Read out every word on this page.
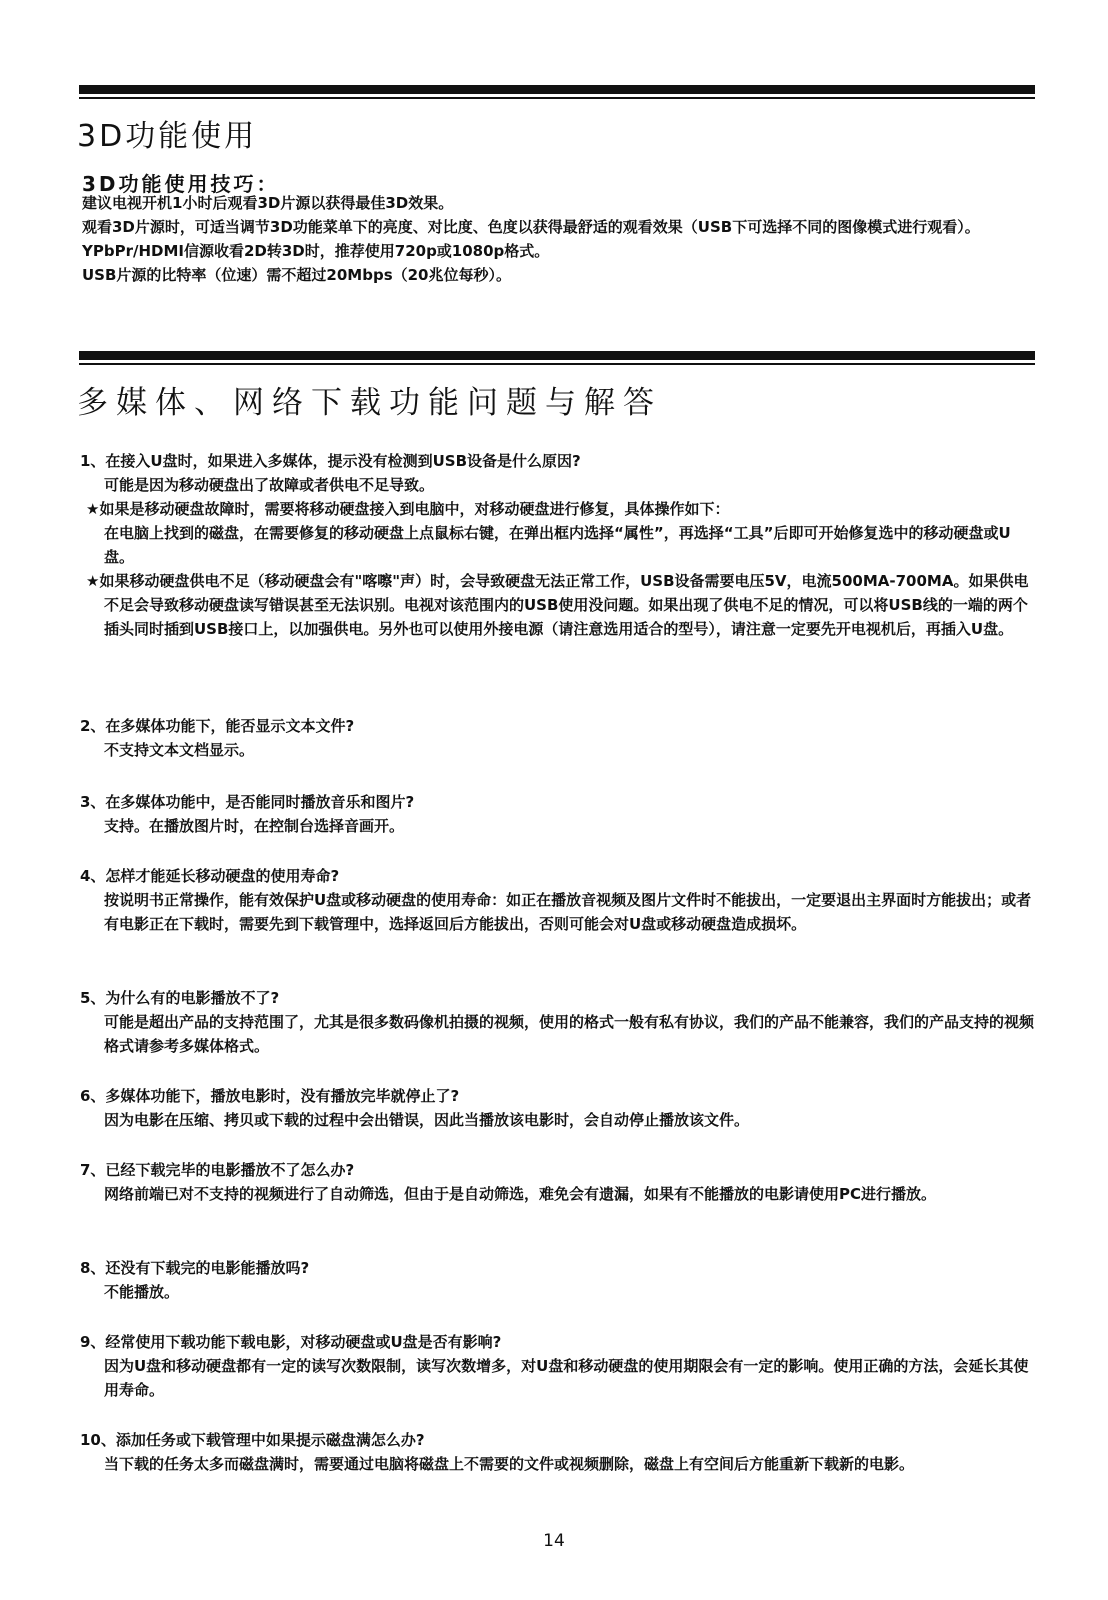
3D功能使用
3D功能使用技巧：

建议电视开机1小时后观看3D片源以获得最佳3D效果。

观看3D片源时，可适当调节3D功能菜单下的亮度、对比度、色度以获得最舒适的观看效果（USB下可选择不同的图像模式进行观看）。

YPbPr/HDMI信源收看2D转3D时，推荐使用720p或1080p格式。

USB片源的比特率（位速）需不超过20Mbps（20兆位每秒）。

多媒体、网络下载功能问题与解答

1、在接入U盘时，如果进入多媒体，提示没有检测到USB设备是什么原因?

可能是因为移动硬盘出了故障或者供电不足导致。

★如果是移动硬盘故障时，需要将移动硬盘接入到电脑中，对移动硬盘进行修复，具体操作如下：

在电脑上找到的磁盘，在需要修复的移动硬盘上点鼠标右键，在弹出框内选择“属性”，再选择“工具”后即可开始修复选中的移动硬盘或U盘。

★如果移动硬盘供电不足（移动硬盘会有"喀嚓"声）时，会导致硬盘无法正常工作，USB设备需要电压5V，电流500MA-700MA。如果供电不足会导致移动硬盘读写错误甚至无法识别。电视对该范围内的USB使用没问题。如果出现了供电不足的情况，可以将USB线的一端的两个插头同时插到USB接口上，以加强供电。另外也可以使用外接电源（请注意选用适合的型号），请注意一定要先开电视机后，再插入U盘。

2、在多媒体功能下，能否显示文本文件?

不支持文本文档显示。

3、在多媒体功能中，是否能同时播放音乐和图片?

支持。在播放图片时，在控制台选择音画开。

4、怎样才能延长移动硬盘的使用寿命?

按说明书正常操作，能有效保护U盘或移动硬盘的使用寿命：如正在播放音视频及图片文件时不能拔出，一定要退出主界面时方能拔出；或者有电影正在下载时，需要先到下载管理中，选择返回后方能拔出，否则可能会对U盘或移动硬盘造成损坏。

5、为什么有的电影播放不了?

可能是超出产品的支持范围了，尤其是很多数码像机拍摄的视频，使用的格式一般有私有协议，我们的产品不能兼容，我们的产品支持的视频格式请参考多媒体格式。

6、多媒体功能下，播放电影时，没有播放完毕就停止了?

因为电影在压缩、拷贝或下载的过程中会出错误，因此当播放该电影时，会自动停止播放该文件。

7、已经下载完毕的电影播放不了怎么办?

网络前端已对不支持的视频进行了自动筛选，但由于是自动筛选，难免会有遗漏，如果有不能播放的电影请使用PC进行播放。

8、还没有下载完的电影能播放吗?

不能播放。

9、经常使用下载功能下载电影，对移动硬盘或U盘是否有影响?

因为U盘和移动硬盘都有一定的读写次数限制，读写次数增多，对U盘和移动硬盘的使用期限会有一定的影响。使用正确的方法，会延长其使用寿命。

10、添加任务或下载管理中如果提示磁盘满怎么办?

当下载的任务太多而磁盘满时，需要通过电脑将磁盘上不需要的文件或视频删除，磁盘上有空间后方能重新下载新的电影。

14
